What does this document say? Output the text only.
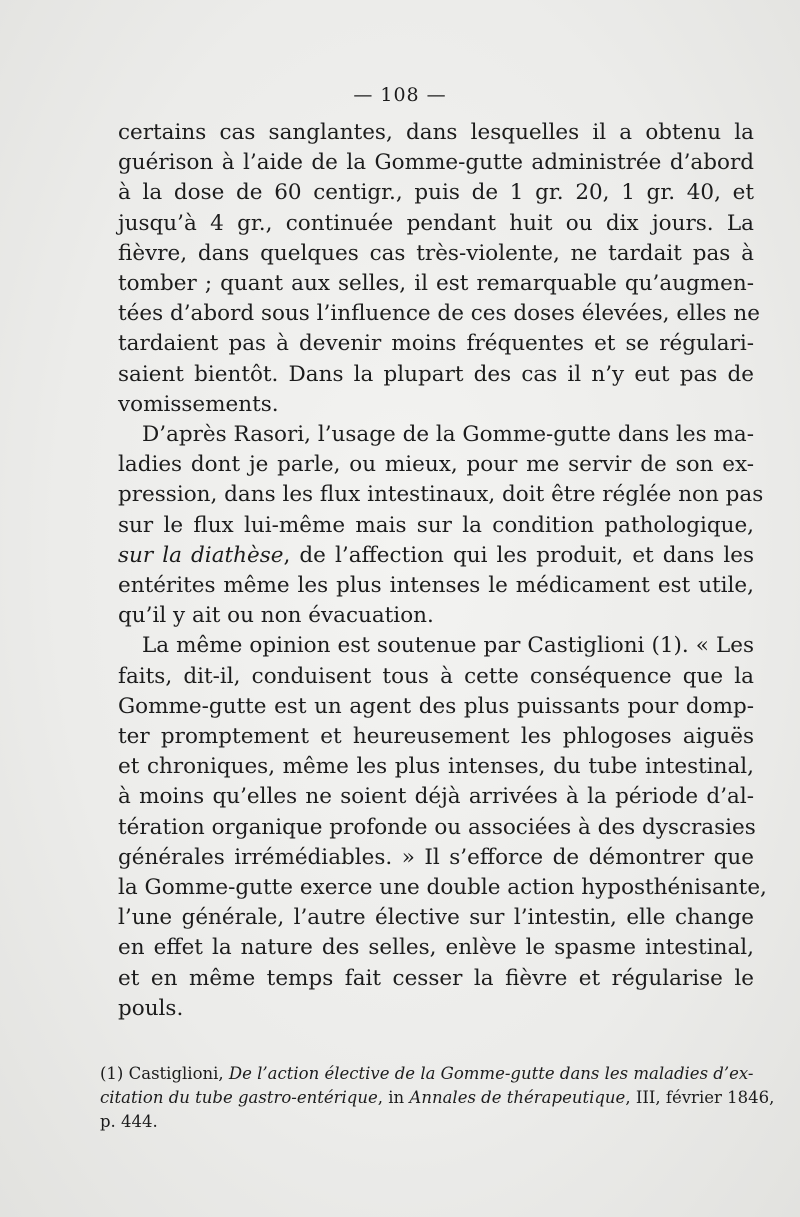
— 108 —
certains cas sanglantes, dans lesquelles il a obtenu la
guérison à l’aide de la Gomme-gutte administrée d’abord
à la dose de 60 centigr., puis de 1 gr. 20, 1 gr. 40, et
jusqu’à 4 gr., continuée pendant huit ou dix jours. La
fièvre, dans quelques cas très-violente, ne tardait pas à
tomber ; quant aux selles, il est remarquable qu’augmen-
tées d’abord sous l’influence de ces doses élevées, elles ne
tardaient pas à devenir moins fréquentes et se régulari-
saient bientôt. Dans la plupart des cas il n’y eut pas de
vomissements.
D’après Rasori, l’usage de la Gomme-gutte dans les ma-
ladies dont je parle, ou mieux, pour me servir de son ex-
pression, dans les flux intestinaux, doit être réglée non pas
sur le flux lui-même mais sur la condition pathologique,
sur la diathèse, de l’affection qui les produit, et dans les
entérites même les plus intenses le médicament est utile,
qu’il y ait ou non évacuation.
La même opinion est soutenue par Castiglioni (1). « Les
faits, dit-il, conduisent tous à cette conséquence que la
Gomme-gutte est un agent des plus puissants pour domp-
ter promptement et heureusement les phlogoses aiguës
et chroniques, même les plus intenses, du tube intestinal,
à moins qu’elles ne soient déjà arrivées à la période d’al-
tération organique profonde ou associées à des dyscrasies
générales irrémédiables. » Il s’efforce de démontrer que
la Gomme-gutte exerce une double action hyposthénisante,
l’une générale, l’autre élective sur l’intestin, elle change
en effet la nature des selles, enlève le spasme intestinal,
et en même temps fait cesser la fièvre et régularise le
pouls.
(1) Castiglioni, De l’action élective de la Gomme-gutte dans les maladies d’ex-
citation du tube gastro-entérique, in Annales de thérapeutique, III, février 1846,
p. 444.
